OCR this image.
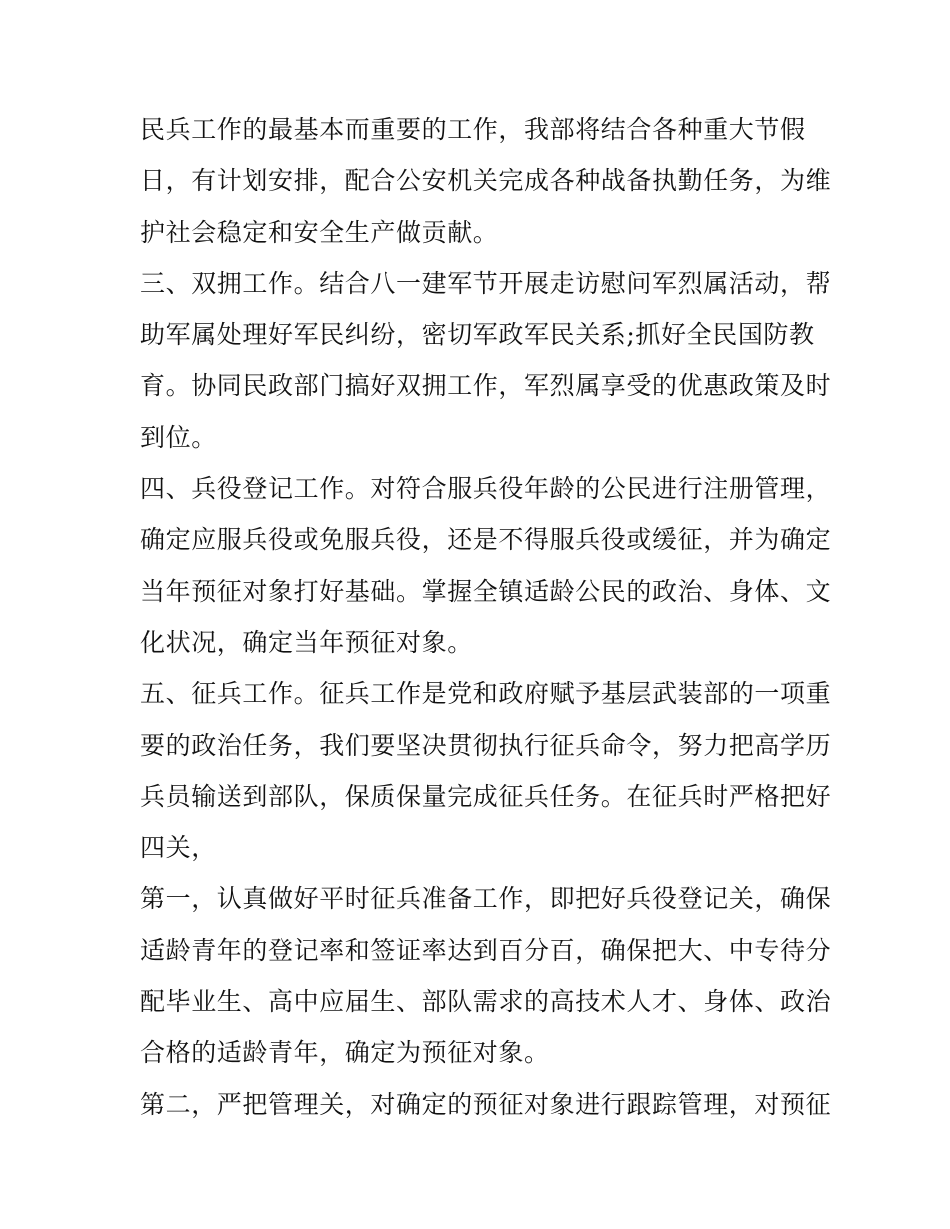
民兵工作的最基本而重要的工作，我部将结合各种重大节假
日，有计划安排，配合公安机关完成各种战备执勤任务，为维
护社会稳定和安全生产做贡献。
三、双拥工作。结合八一建军节开展走访慰问军烈属活动，帮
助军属处理好军民纠纷，密切军政军民关系;抓好全民国防教
育。协同民政部门搞好双拥工作，军烈属享受的优惠政策及时
到位。
四、兵役登记工作。对符合服兵役年龄的公民进行注册管理，
确定应服兵役或免服兵役，还是不得服兵役或缓征，并为确定
当年预征对象打好基础。掌握全镇适龄公民的政治、身体、文
化状况，确定当年预征对象。
五、征兵工作。征兵工作是党和政府赋予基层武装部的一项重
要的政治任务，我们要坚决贯彻执行征兵命令，努力把高学历
兵员输送到部队，保质保量完成征兵任务。在征兵时严格把好
四关，
第一，认真做好平时征兵准备工作，即把好兵役登记关，确保
适龄青年的登记率和签证率达到百分百，确保把大、中专待分
配毕业生、高中应届生、部队需求的高技术人才、身体、政治
合格的适龄青年，确定为预征对象。
第二，严把管理关，对确定的预征对象进行跟踪管理，对预征
